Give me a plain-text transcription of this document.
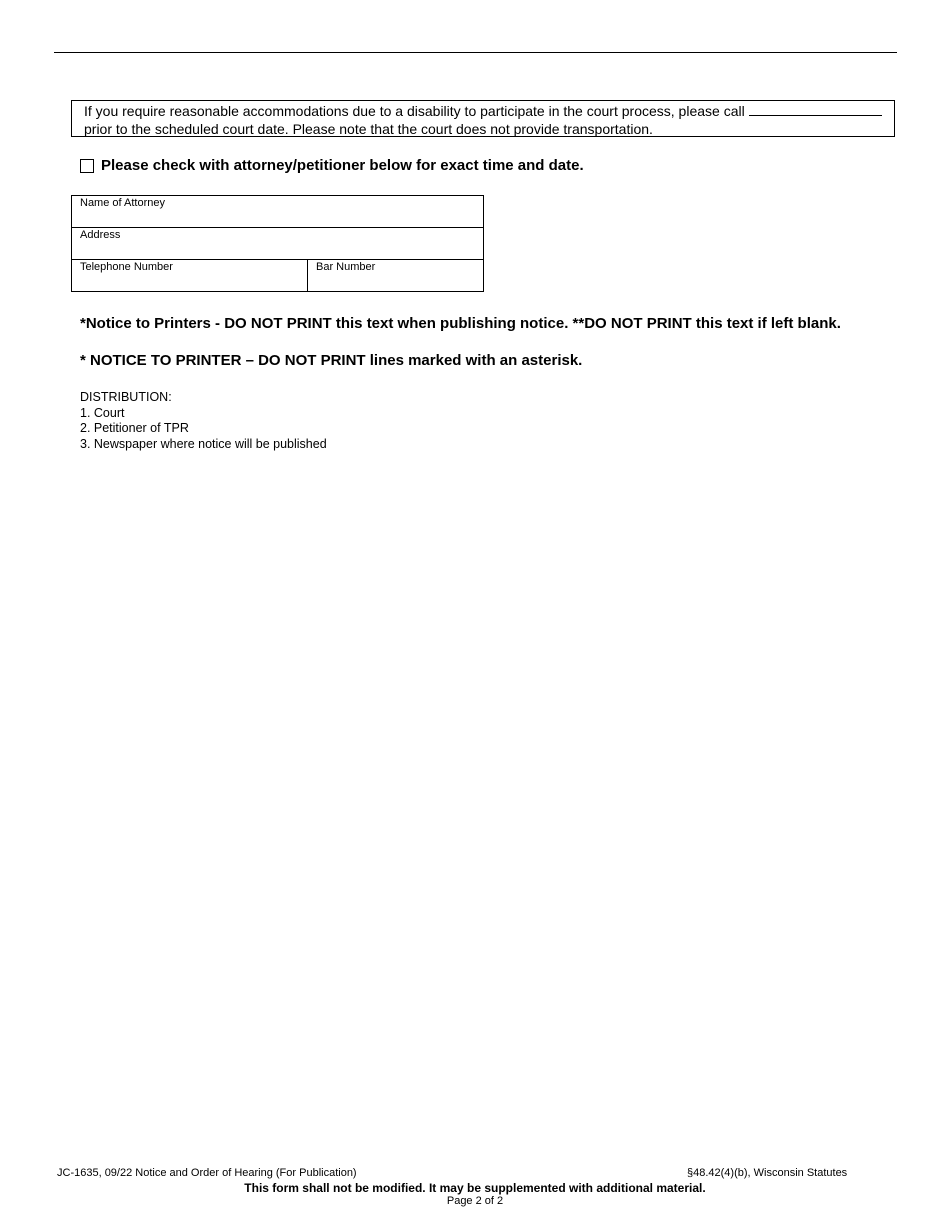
If you require reasonable accommodations due to a disability to participate in the court process, please call
prior to the scheduled court date. Please note that the court does not provide transportation.
Please check with attorney/petitioner below for exact time and date.
Name of Attorney
Address
Telephone Number	Bar Number
*Notice to Printers - DO NOT PRINT this text when publishing notice. **DO NOT PRINT this text if left blank.
* NOTICE TO PRINTER – DO NOT PRINT lines marked with an asterisk.
DISTRIBUTION:
1. Court
2. Petitioner of TPR
3. Newspaper where notice will be published
JC-1635, 09/22 Notice and Order of Hearing (For Publication)	§48.42(4)(b), Wisconsin Statutes
This form shall not be modified. It may be supplemented with additional material.
Page 2 of 2
